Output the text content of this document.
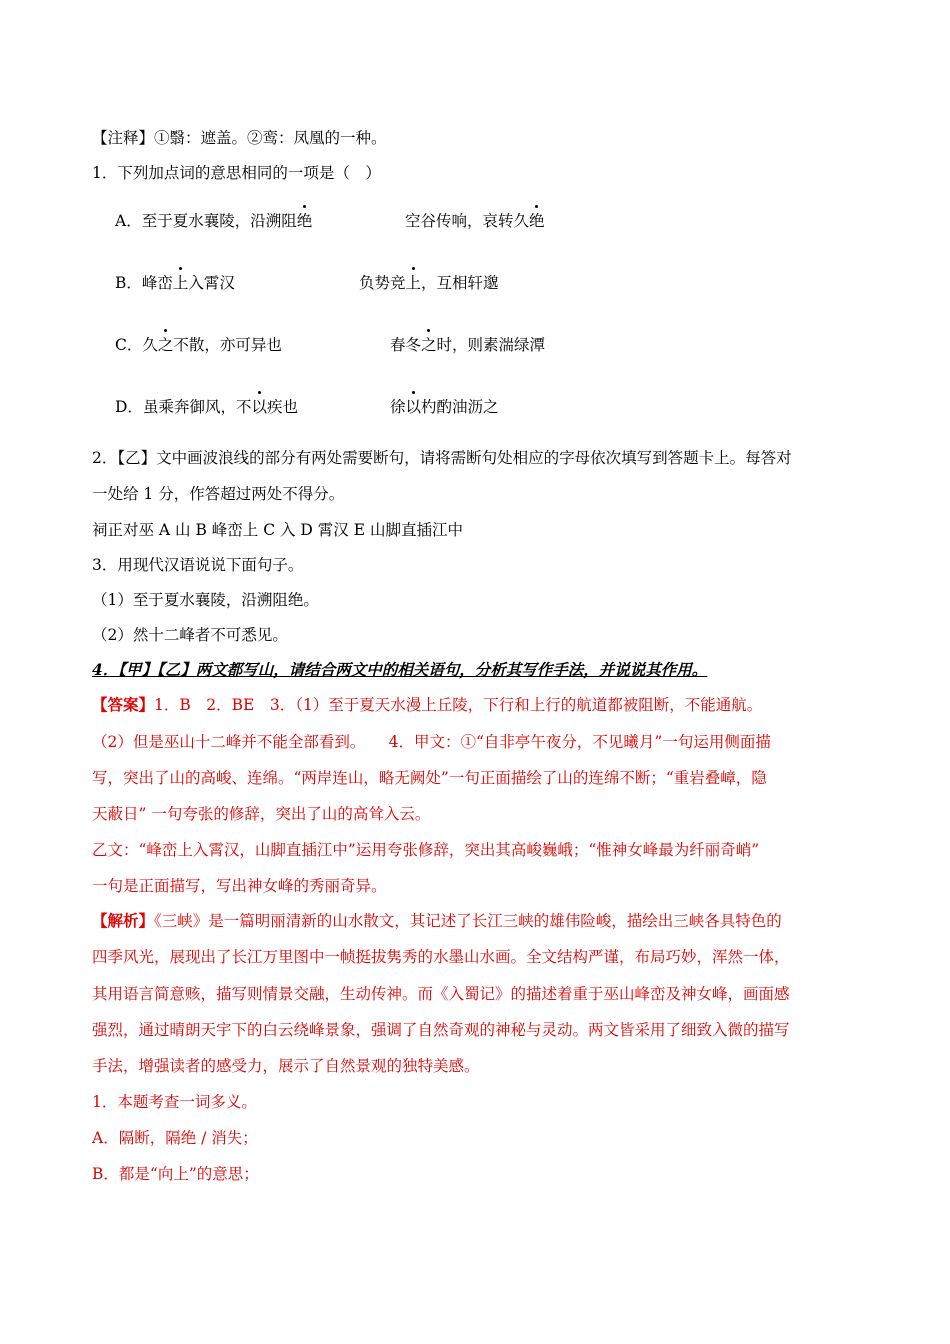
【注释】①翳：遮盖。②鸾：凤凰的一种。
1．下列加点词的意思相同的一项是（　）
A．至于夏水襄陵，沿溯阻绝	空谷传响，哀转久绝
B．峰峦上入霄汉	负势竞上，互相轩邈
C．久之不散，亦可异也	春冬之时，则素湍绿潭
D．虽乘奔御风，不以疾也	徐以杓酌油沥之
2．【乙】文中画波浪线的部分有两处需要断句，请将需断句处相应的字母依次填写到答题卡上。每答对
一处给 1 分，作答超过两处不得分。
祠正对巫 A 山 B 峰峦上 C 入 D 霄汉 E 山脚直插江中
3．用现代汉语说说下面句子。
（1）至于夏水襄陵，沿溯阻绝。
（2）然十二峰者不可悉见。
4．【甲】【乙】两文都写山，请结合两文中的相关语句，分析其写作手法，并说说其作用。
【答案】1．B　2．BE　3．（1）至于夏天水漫上丘陵，下行和上行的航道都被阻断，不能通航。
（2）但是巫山十二峰并不能全部看到。　　4．甲文：①“自非亭午夜分，不见曦月”一句运用侧面描
写，突出了山的高峻、连绵。“两岸连山，略无阙处”一句正面描绘了山的连绵不断；“重岩叠嶂，隐
天蔽日” 一句夸张的修辞，突出了山的高耸入云。
乙文：“峰峦上入霄汉，山脚直插江中”运用夸张修辞，突出其高峻巍峨；“惟神女峰最为纤丽奇峭”
一句是正面描写，写出神女峰的秀丽奇异。
【解析】《三峡》是一篇明丽清新的山水散文，其记述了长江三峡的雄伟险峻，描绘出三峡各具特色的
四季风光，展现出了长江万里图中一帧挺拔隽秀的水墨山水画。全文结构严谨，布局巧妙，浑然一体，
其用语言简意赅，描写则情景交融，生动传神。而《入蜀记》的描述着重于巫山峰峦及神女峰，画面感
强烈，通过晴朗天宇下的白云绕峰景象，强调了自然奇观的神秘与灵动。两文皆采用了细致入微的描写
手法，增强读者的感受力，展示了自然景观的独特美感。
1．本题考查一词多义。
A．隔断，隔绝 / 消失；
B．都是“向上”的意思；
